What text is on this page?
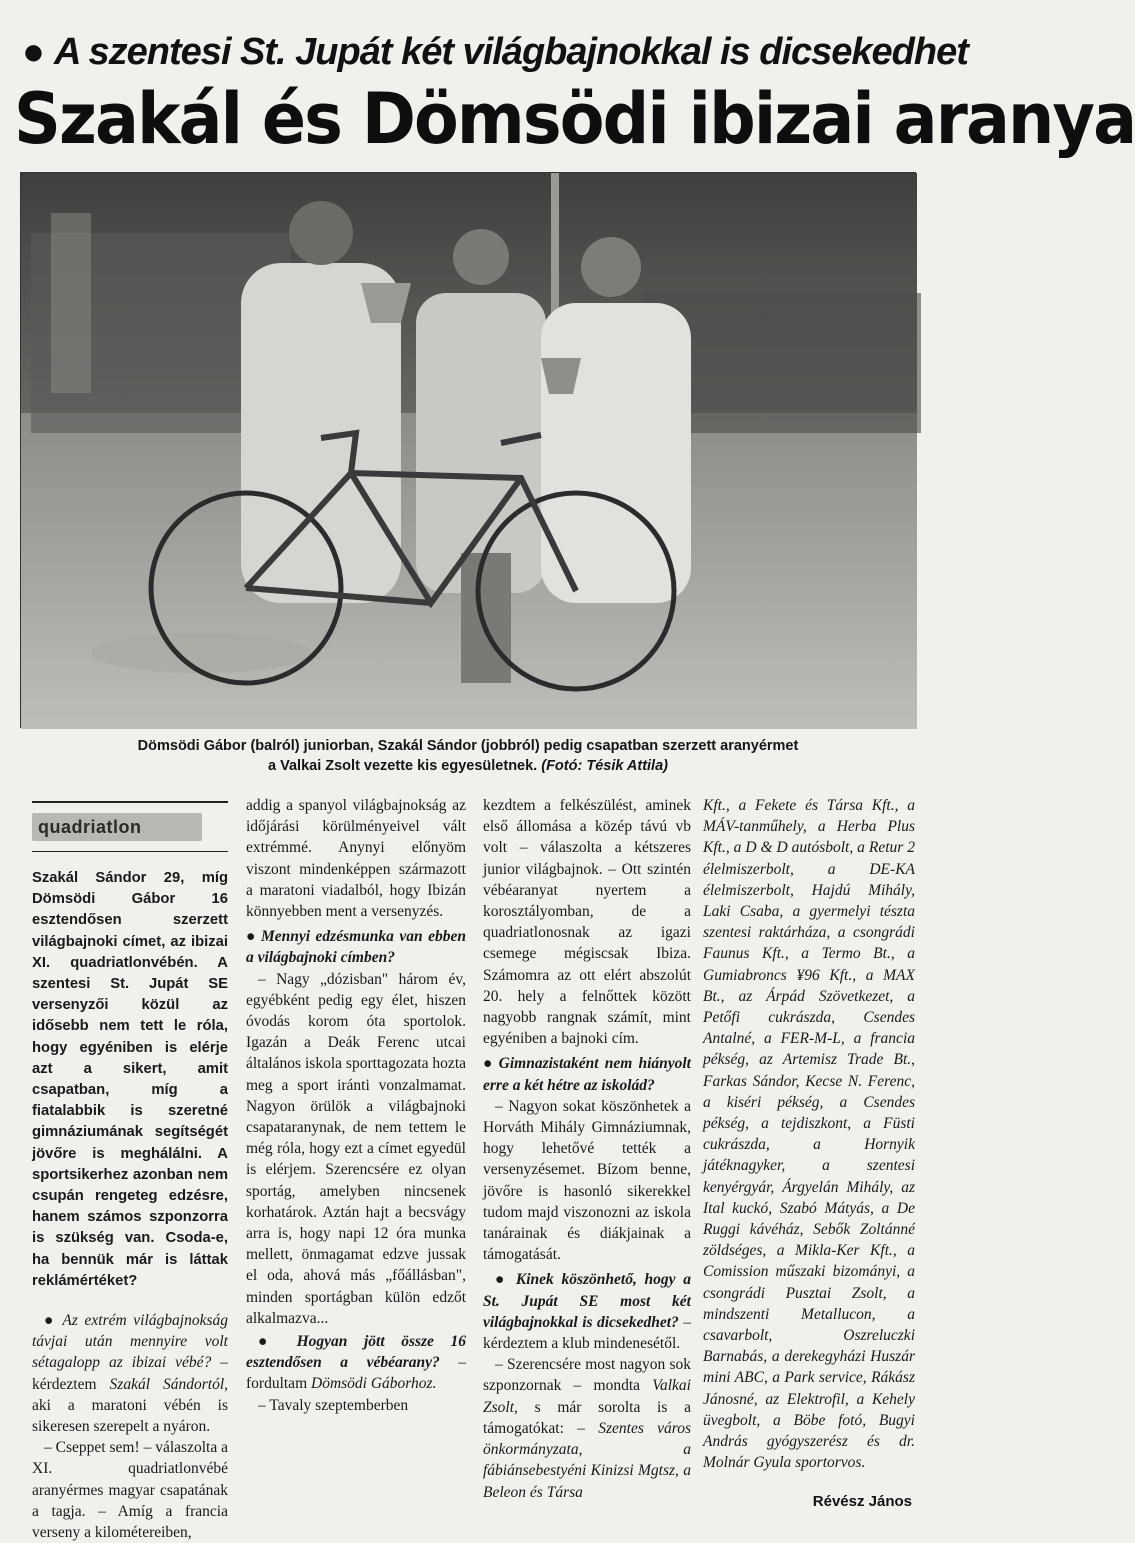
● A szentesi St. Jupát két világbajnokkal is dicsekedhet
Szakál és Dömsödi ibizai aranya
Dömsödi Gábor (balról) juniorban, Szakál Sándor (jobbról) pedig csapatban szerzett aranyérmet
a Valkai Zsolt vezette kis egyesületnek. (Fotó: Tésik Attila)
quadriatlon

Szakál Sándor 29, míg Dömsödi Gábor 16 esztendősen szerzett világbajnoki címet, az ibizai XI. quadriatlonvébén. A szentesi St. Jupát SE versenyzői közül az idősebb nem tett le róla, hogy egyéniben is elérje azt a sikert, amit csapatban, míg a fiatalabbik is szeretné gimnáziumának segítségét jövőre is meghálálni. A sportsikerhez azonban nem csupán rengeteg edzésre, hanem számos szponzorra is szükség van. Csoda-e, ha bennük már is láttak reklámértéket?

● Az extrém világbajnokság távjai után mennyire volt sétagalopp az ibizai vébé? – kérdeztem Szakál Sándortól, aki a maratoni vébén is sikeresen szerepelt a nyáron.

– Cseppet sem! – válaszolta a XI. quadriatlonvébé aranyérmes magyar csapatának a tagja. – Amíg a francia verseny a kilométereiben,

addig a spanyol világbajnokság az időjárási körülményeivel vált extrémmé. Anynyi előnyöm viszont mindenképpen származott a maratoni viadalból, hogy Ibizán könnyebben ment a versenyzés.

● Mennyi edzésmunka van ebben a világbajnoki címben?

– Nagy „dózisban" három év, egyébként pedig egy élet, hiszen óvodás korom óta sportolok. Igazán a Deák Ferenc utcai általános iskola sporttagozata hozta meg a sport iránti vonzalmamat. Nagyon örülök a világbajnoki csapataranynak, de nem tettem le még róla, hogy ezt a címet egyedül is elérjem. Szerencsére ez olyan sportág, amelyben nincsenek korhatárok. Aztán hajt a becsvágy arra is, hogy napi 12 óra munka mellett, önmagamat edzve jussak el oda, ahová más „főállásban", minden sportágban külön edzőt alkalmazva...

● Hogyan jött össze 16 esztendősen a vébéarany? – fordultam Dömsödi Gáborhoz.

– Tavaly szeptemberben

kezdtem a felkészülést, aminek első állomása a közép távú vb volt – válaszolta a kétszeres junior világbajnok. – Ott szintén vébéaranyat nyertem a korosztályomban, de a quadriatlonosnak az igazi csemege mégiscsak Ibiza. Számomra az ott elért abszolút 20. hely a felnőttek között nagyobb rangnak számít, mint egyéniben a bajnoki cím.

● Gimnazistaként nem hiányolt erre a két hétre az iskolád?

– Nagyon sokat köszönhetek a Horváth Mihály Gimnáziumnak, hogy lehetővé tették a versenyzésemet. Bízom benne, jövőre is hasonló sikerekkel tudom majd viszonozni az iskola tanárainak és diákjainak a támogatását.

● Kinek köszönhető, hogy a St. Jupát SE most két világbajnokkal is dicsekedhet? – kérdeztem a klub mindenesétől.

– Szerencsére most nagyon sok szponzornak – mondta Valkai Zsolt, s már sorolta is a támogatókat: – Szentes város önkormányzata, a fábiánsebestyéni Kinizsi Mgtsz, a Beleon és Társa

Kft., a Fekete és Társa Kft., a MÁV-tanműhely, a Herba Plus Kft., a D & D autósbolt, a Retur 2 élelmiszerbolt, a DE-KA élelmiszerbolt, Hajdú Mihály, Laki Csaba, a gyermelyi tészta szentesi raktárháza, a csongrádi Faunus Kft., a Termo Bt., a Gumiabroncs ¥96 Kft., a MAX Bt., az Árpád Szövetkezet, a Petőfi cukrászda, Csendes Antalné, a FER-M-L, a franciа pékség, az Artemisz Trade Bt., Farkas Sándor, Kecse N. Ferenc, a kiséri pékség, a Csendes pékség, a tejdiszkont, a Füsti cukrászda, a Hornyik játéknagyker, a szentesi kenyérgyár, Árgyelán Mihály, az Ital kuckó, Szabó Mátyás, a De Ruggi kávéház, Sebők Zoltánné zöldséges, a Mikla-Ker Kft., a Comission műszaki bizománуi, a csongrádi Pusztai Zsolt, a mindszenti Metallucon, a csavarbolt, Oszreluczki Barnabás, a derekegyházi Huszár mini ABC, a Park service, Rákász Jánosné, az Elektrofil, a Kehely üvegbolt, a Böbe fotó, Bugyi András gyógyszerész és dr. Molnár Gyula sportorvos.

Révész János
